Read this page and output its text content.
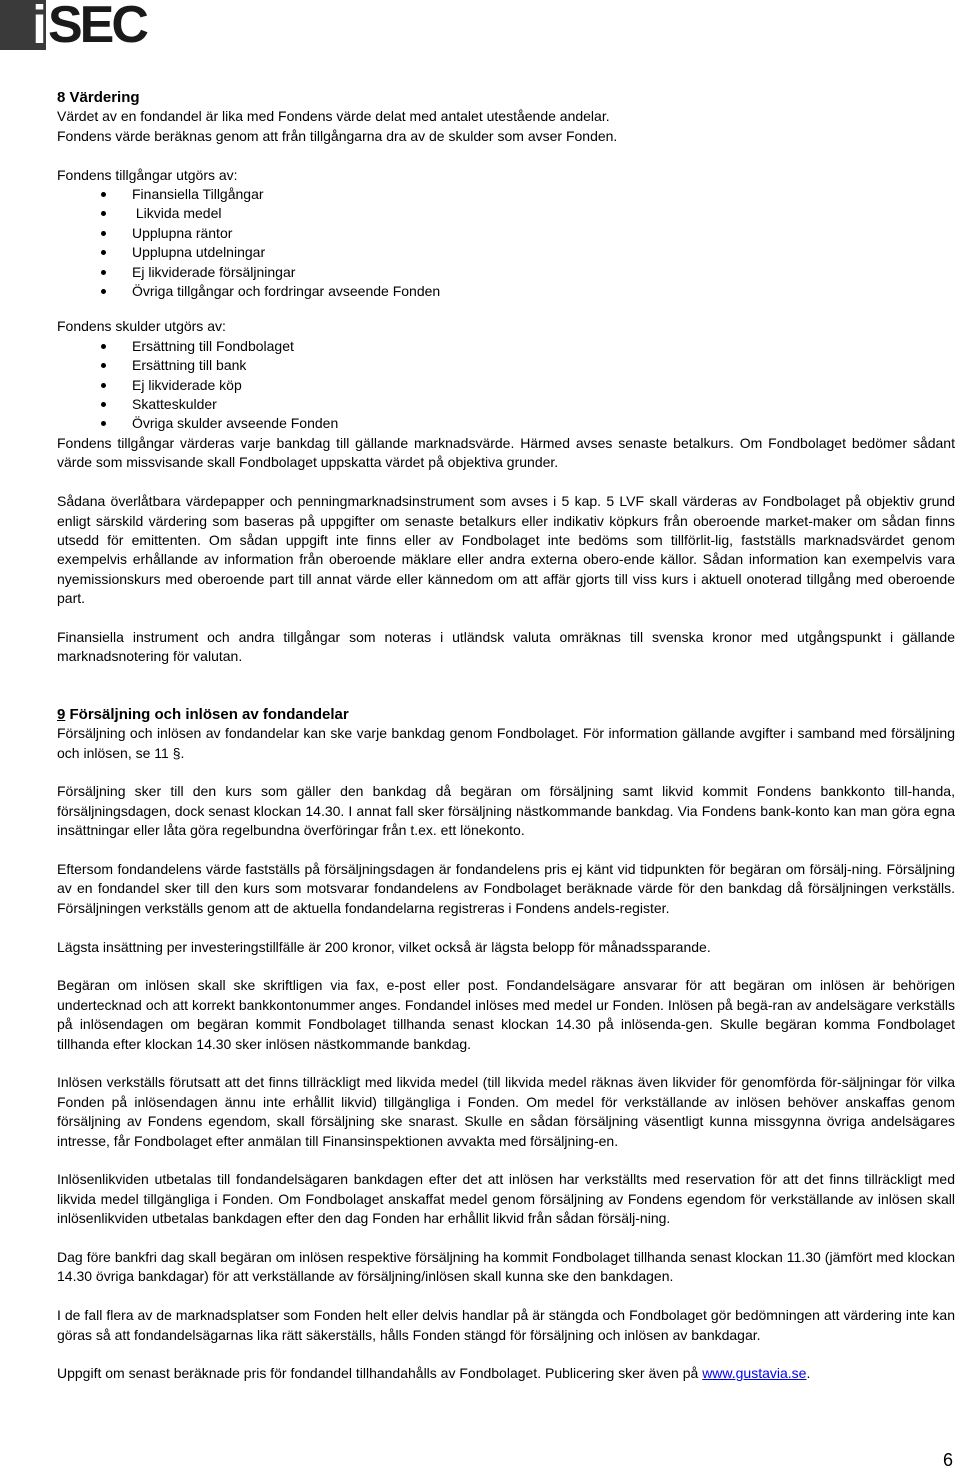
i SEC

8 Värdering

Värdet av en fondandel är lika med Fondens värde delat med antalet utestående andelar.

Fondens värde beräknas genom att från tillgångarna dra av de skulder som avser Fonden.

Fondens tillgångar utgörs av:

Finansiella Tillgångar
Likvida medel
Upplupna räntor
Upplupna utdelningar
Ej likviderade försäljningar
Övriga tillgångar och fordringar avseende Fonden

Fondens skulder utgörs av:

Ersättning till Fondbolaget
Ersättning till bank
Ej likviderade köp
Skatteskulder
Övriga skulder avseende Fonden

Fondens tillgångar värderas varje bankdag till gällande marknadsvärde. Härmed avses senaste betalkurs. Om Fondbolaget bedömer sådant värde som missvisande skall Fondbolaget uppskatta värdet på objektiva grunder.

Sådana överlåtbara värdepapper och penningmarknadsinstrument som avses i 5 kap. 5 LVF skall värderas av Fondbolaget på objektiv grund enligt särskild värdering som baseras på uppgifter om senaste betalkurs eller indikativ köpkurs från oberoende market-maker om sådan finns utsedd för emittenten. Om sådan uppgift inte finns eller av Fondbolaget inte bedöms som tillförlit-lig, fastställs marknadsvärdet genom exempelvis erhållande av information från oberoende mäklare eller andra externa obero-ende källor. Sådan information kan exempelvis vara nyemissionskurs med oberoende part till annat värde eller kännedom om att affär gjorts till viss kurs i aktuell onoterad tillgång med oberoende part.

Finansiella instrument och andra tillgångar som noteras i utländsk valuta omräknas till svenska kronor med utgångspunkt i gällande marknadsnotering för valutan.

9 Försäljning och inlösen av fondandelar

Försäljning och inlösen av fondandelar kan ske varje bankdag genom Fondbolaget. För information gällande avgifter i samband med försäljning och inlösen, se 11 §.

Försäljning sker till den kurs som gäller den bankdag då begäran om försäljning samt likvid kommit Fondens bankkonto till-handa, försäljningsdagen, dock senast klockan 14.30. I annat fall sker försäljning nästkommande bankdag. Via Fondens bank-konto kan man göra egna insättningar eller låta göra regelbundna överföringar från t.ex. ett lönekonto.

Eftersom fondandelens värde fastställs på försäljningsdagen är fondandelens pris ej känt vid tidpunkten för begäran om försälj-ning. Försäljning av en fondandel sker till den kurs som motsvarar fondandelens av Fondbolaget beräknade värde för den bankdag då försäljningen verkställs. Försäljningen verkställs genom att de aktuella fondandelarna registreras i Fondens andels-register.

Lägsta insättning per investeringstillfälle är 200 kronor, vilket också är lägsta belopp för månadssparande.

Begäran om inlösen skall ske skriftligen via fax, e-post eller post. Fondandelsägare ansvarar för att begäran om inlösen är behörigen undertecknad och att korrekt bankkontonummer anges. Fondandel inlöses med medel ur Fonden. Inlösen på begä-ran av andelsägare verkställs på inlösendagen om begäran kommit Fondbolaget tillhanda senast klockan 14.30 på inlösenda-gen. Skulle begäran komma Fondbolaget tillhanda efter klockan 14.30 sker inlösen nästkommande bankdag.

Inlösen verkställs förutsatt att det finns tillräckligt med likvida medel (till likvida medel räknas även likvider för genomförda för-säljningar för vilka Fonden på inlösendagen ännu inte erhållit likvid) tillgängliga i Fonden. Om medel för verkställande av inlösen behöver anskaffas genom försäljning av Fondens egendom, skall försäljning ske snarast. Skulle en sådan försäljning väsentligt kunna missgynna övriga andelsägares intresse, får Fondbolaget efter anmälan till Finansinspektionen avvakta med försäljning-en.

Inlösenlikviden utbetalas till fondandelsägaren bankdagen efter det att inlösen har verkställts med reservation för att det finns tillräckligt med likvida medel tillgängliga i Fonden. Om Fondbolaget anskaffat medel genom försäljning av Fondens egendom för verkställande av inlösen skall inlösenlikviden utbetalas bankdagen efter den dag Fonden har erhållit likvid från sådan försälj-ning.

Dag före bankfri dag skall begäran om inlösen respektive försäljning ha kommit Fondbolaget tillhanda senast klockan 11.30 (jämfört med klockan 14.30 övriga bankdagar) för att verkställande av försäljning/inlösen skall kunna ske den bankdagen.

I de fall flera av de marknadsplatser som Fonden helt eller delvis handlar på är stängda och Fondbolaget gör bedömningen att värdering inte kan göras så att fondandelsägarnas lika rätt säkerställs, hålls Fonden stängd för försäljning och inlösen av bankdagar.

Uppgift om senast beräknade pris för fondandel tillhandahålls av Fondbolaget. Publicering sker även på www.gustavia.se.

6
